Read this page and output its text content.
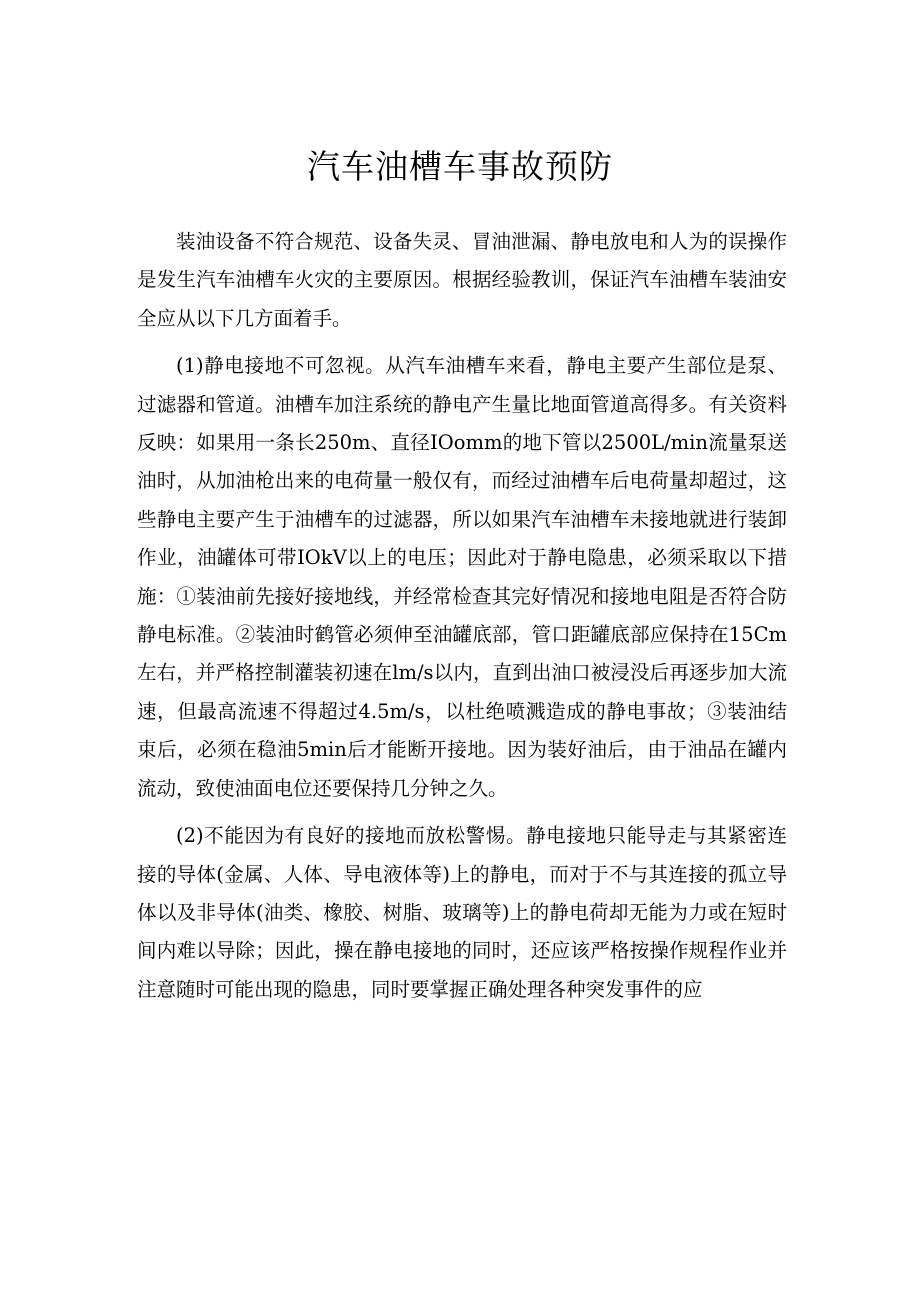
汽车油槽车事故预防

装油设备不符合规范、设备失灵、冒油泄漏、静电放电和人为的误操作是发生汽车油槽车火灾的主要原因。根据经验教训，保证汽车油槽车装油安全应从以下几方面着手。

(1)静电接地不可忽视。从汽车油槽车来看，静电主要产生部位是泵、过滤器和管道。油槽车加注系统的静电产生量比地面管道高得多。有关资料反映：如果用一条长250m、直径IOomm的地下管以2500L/min流量泵送油时，从加油枪出来的电荷量一般仅有，而经过油槽车后电荷量却超过，这些静电主要产生于油槽车的过滤器，所以如果汽车油槽车未接地就进行装卸作业，油罐体可带IOkV以上的电压；因此对于静电隐患，必须采取以下措施：①装油前先接好接地线，并经常检查其完好情况和接地电阻是否符合防静电标准。②装油时鹤管必须伸至油罐底部，管口距罐底部应保持在15Cm左右，并严格控制灌装初速在lm/s以内，直到出油口被浸没后再逐步加大流速，但最高流速不得超过4.5m/s，以杜绝喷溅造成的静电事故；③装油结束后，必须在稳油5min后才能断开接地。因为装好油后，由于油品在罐内流动，致使油面电位还要保持几分钟之久。

(2)不能因为有良好的接地而放松警惕。静电接地只能导走与其紧密连接的导体(金属、人体、导电液体等)上的静电，而对于不与其连接的孤立导体以及非导体(油类、橡胶、树脂、玻璃等)上的静电荷却无能为力或在短时间内难以导除；因此，操在静电接地的同时，还应该严格按操作规程作业并注意随时可能出现的隐患，同时要掌握正确处理各种突发事件的应
